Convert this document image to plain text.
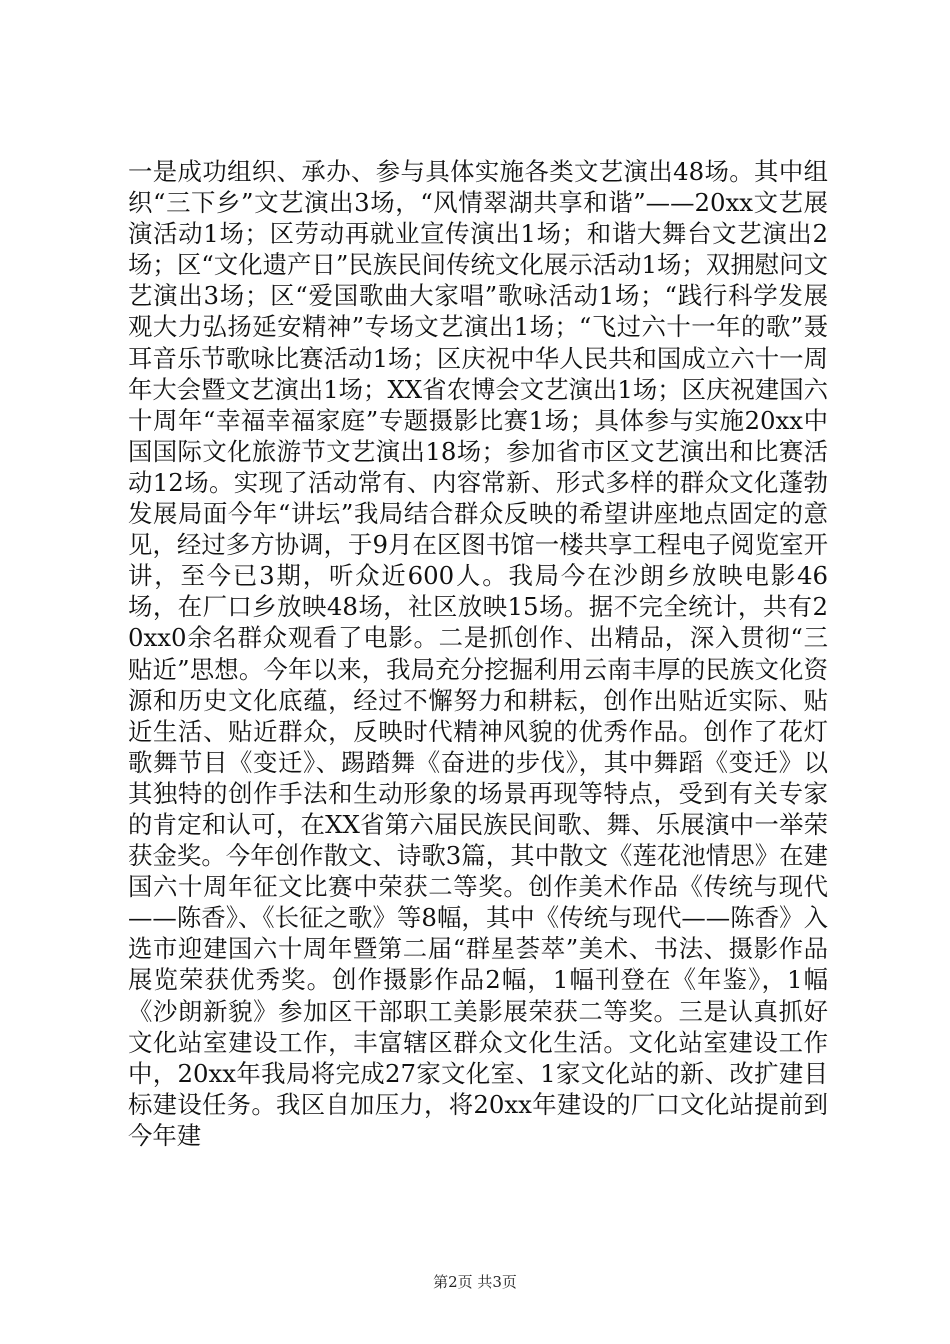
一是成功组织、承办、参与具体实施各类文艺演出48场。其中组织“三下乡”文艺演出3场，“风情翠湖共享和谐”——20xx文艺展演活动1场；区劳动再就业宣传演出1场；和谐大舞台文艺演出2场；区“文化遗产日”民族民间传统文化展示活动1场；双拥慰问文艺演出3场；区“爱国歌曲大家唱”歌咏活动1场；“践行科学发展观大力弘扬延安精神”专场文艺演出1场；“飞过六十一年的歌”聂耳音乐节歌咏比赛活动1场；区庆祝中华人民共和国成立六十一周年大会暨文艺演出1场；XX省农博会文艺演出1场；区庆祝建国六十周年“幸福幸福家庭”专题摄影比赛1场；具体参与实施20xx中国国际文化旅游节文艺演出18场；参加省市区文艺演出和比赛活动12场。实现了活动常有、内容常新、形式多样的群众文化蓬勃发展局面今年“讲坛”我局结合群众反映的希望讲座地点固定的意见，经过多方协调，于9月在区图书馆一楼共享工程电子阅览室开讲，至今已3期，听众近600人。我局今在沙朗乡放映电影46场，在厂口乡放映48场，社区放映15场。据不完全统计，共有20xx0余名群众观看了电影。二是抓创作、出精品，深入贯彻“三贴近”思想。今年以来，我局充分挖掘利用云南丰厚的民族文化资源和历史文化底蕴，经过不懈努力和耕耘，创作出贴近实际、贴近生活、贴近群众，反映时代精神风貌的优秀作品。创作了花灯歌舞节目《变迁》、踢踏舞《奋进的步伐》，其中舞蹈《变迁》以其独特的创作手法和生动形象的场景再现等特点，受到有关专家的肯定和认可，在XX省第六届民族民间歌、舞、乐展演中一举荣获金奖。今年创作散文、诗歌3篇，其中散文《莲花池情思》在建国六十周年征文比赛中荣获二等奖。创作美术作品《传统与现代——陈香》、《长征之歌》等8幅，其中《传统与现代——陈香》入选市迎建国六十周年暨第二届“群星荟萃”美术、书法、摄影作品展览荣获优秀奖。创作摄影作品2幅，1幅刊登在《年鉴》，1幅《沙朗新貌》参加区干部职工美影展荣获二等奖。三是认真抓好文化站室建设工作，丰富辖区群众文化生活。文化站室建设工作中，20xx年我局将完成27家文化室、1家文化站的新、改扩建目标建设任务。我区自加压力，将20xx年建设的厂口文化站提前到今年建

第2页 共3页
